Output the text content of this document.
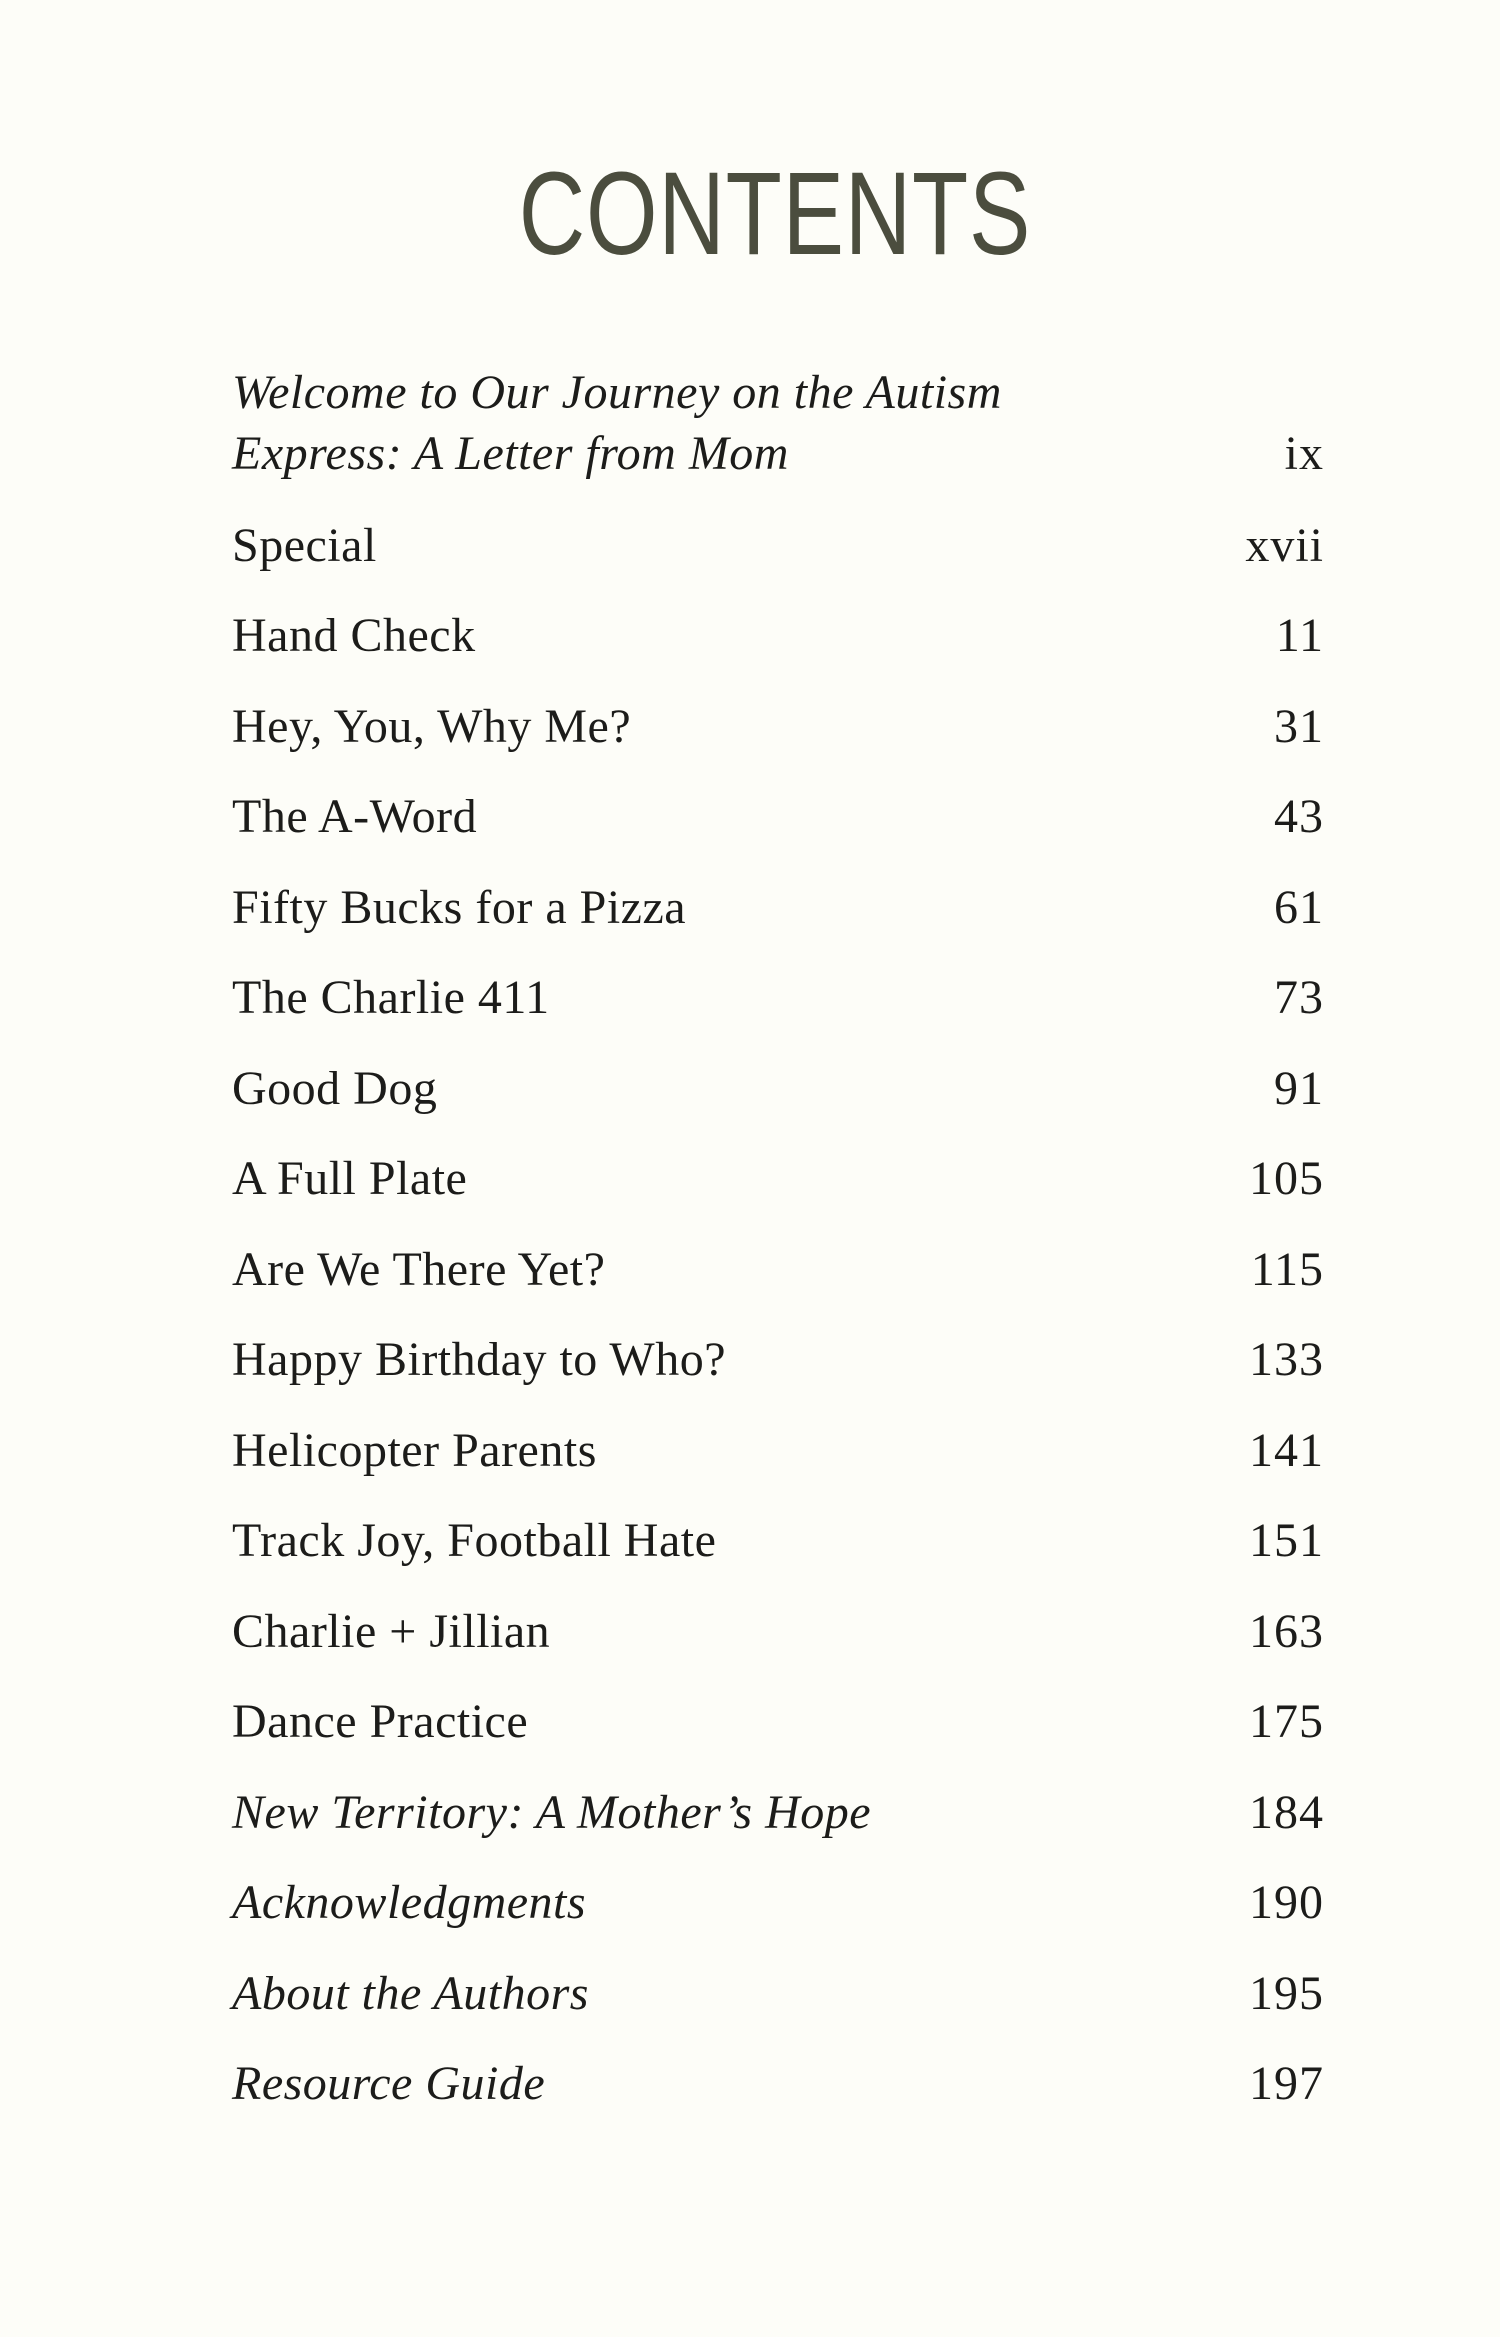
CONTENTS
Welcome to Our Journey on the Autism
Express: A Letter from Mom	ix
Special	xvii
Hand Check	11
Hey, You, Why Me?	31
The A-Word	43
Fifty Bucks for a Pizza	61
The Charlie 411	73
Good Dog	91
A Full Plate	105
Are We There Yet?	115
Happy Birthday to Who?	133
Helicopter Parents	141
Track Joy, Football Hate	151
Charlie + Jillian	163
Dance Practice	175
New Territory: A Mother’s Hope	184
Acknowledgments	190
About the Authors	195
Resource Guide	197
